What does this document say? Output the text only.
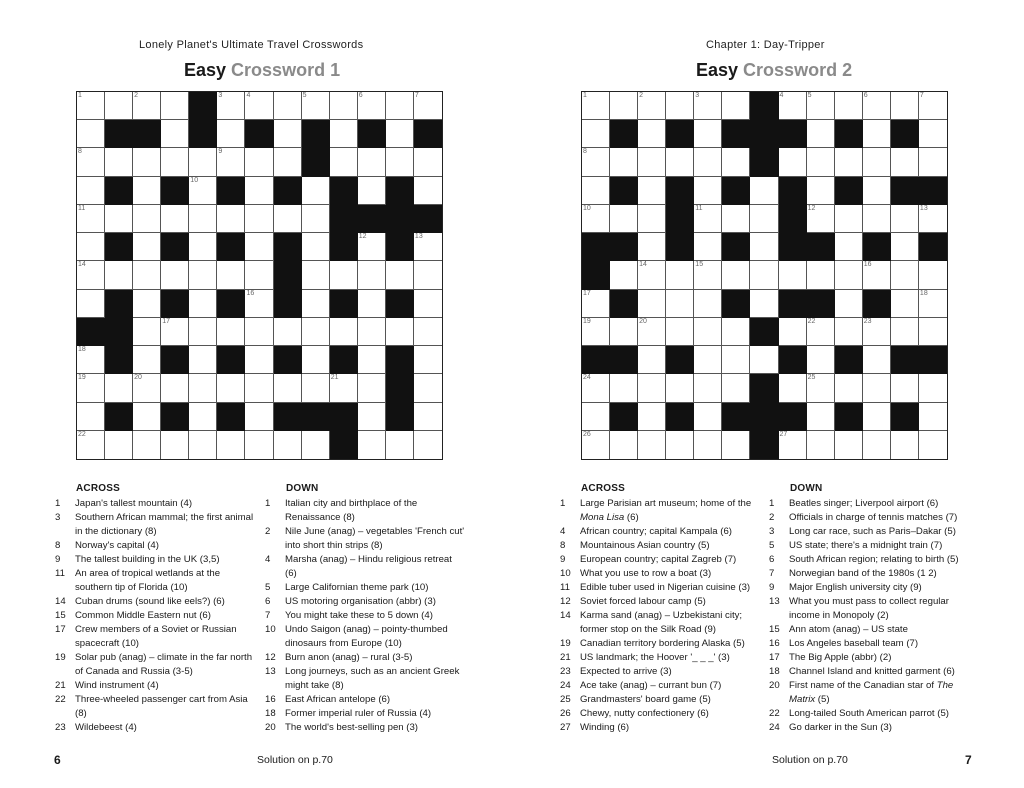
Lonely Planet's Ultimate Travel Crosswords
Easy Crossword 1
1	2	3	4	5	6	7
8	9
10
11
12	13
14
16
17
18
19	20	21
22
ACROSS	DOWN
1	Japan's tallest mountain (4)
3	Southern African mammal; the first animal in the dictionary (8)
8	Norway's capital (4)
9	The tallest building in the UK (3,5)
11	An area of tropical wetlands at the southern tip of Florida (10)
14 Cuban drums (sound like eels?) (6)
15 Common Middle Eastern nut (6)
17 Crew members of a Soviet or Russian spacecraft (10)
19 Solar pub (anag) – climate in the far north of Canada and Russia (3-5)
21 Wind instrument (4)
22 Three-wheeled passenger cart from Asia (8)
23 Wildebeest (4)
1	Italian city and birthplace of the Renaissance (8)
2	Nile June (anag) – vegetables 'French cut' into short thin strips (8)
4	Marsha (anag) – Hindu religious retreat (6)
5	Large Californian theme park (10)
6	US motoring organisation (abbr) (3)
7	You might take these to 5 down (4)
10 Undo Saigon (anag) – pointy-thumbed dinosaurs from Europe (10)
12 Burn anon (anag) – rural (3-5)
13 Long journeys, such as an ancient Greek might take (8)
16 East African antelope (6)
18 Former imperial ruler of Russia (4)
20 The world's best-selling pen (3)
6	Solution on p.70
Chapter 1: Day-Tripper
Easy Crossword 2
1	2	3	4	5	6	7
8
10	11	12	13
14	15	16
17	18
19	20	22	23
24	25
26	27
ACROSS	DOWN
1	Large Parisian art museum; home of the Mona Lisa (6)
4	African country; capital Kampala (6)
8	Mountainous Asian country (5)
9	European country; capital Zagreb (7)
10 What you use to row a boat (3)
11	Edible tuber used in Nigerian cuisine (3)
12 Soviet forced labour camp (5)
14 Karma sand (anag) – Uzbekistani city; former stop on the Silk Road (9)
19 Canadian territory bordering Alaska (5)
21 US landmark; the Hoover '_ _ _' (3)
23 Expected to arrive (3)
24 Ace take (anag) – currant bun (7)
25 Grandmasters' board game (5)
26 Chewy, nutty confectionery (6)
27 Winding (6)
1	Beatles singer; Liverpool airport (6)
2	Officials in charge of tennis matches (7)
3	Long car race, such as Paris–Dakar (5)
5	US state; there's a midnight train (7)
6	South African region; relating to birth (5)
7	Norwegian band of the 1980s (1 2)
9	Major English university city (9)
13 What you must pass to collect regular income in Monopoly (2)
15 Ann atom (anag) – US state
16 Los Angeles baseball team (7)
17 The Big Apple (abbr) (2)
18 Channel Island and knitted garment (6)
20 First name of the Canadian star of The Matrix (5)
22 Long-tailed South American parrot (5)
24 Go darker in the Sun (3)
7
Solution on p.70
